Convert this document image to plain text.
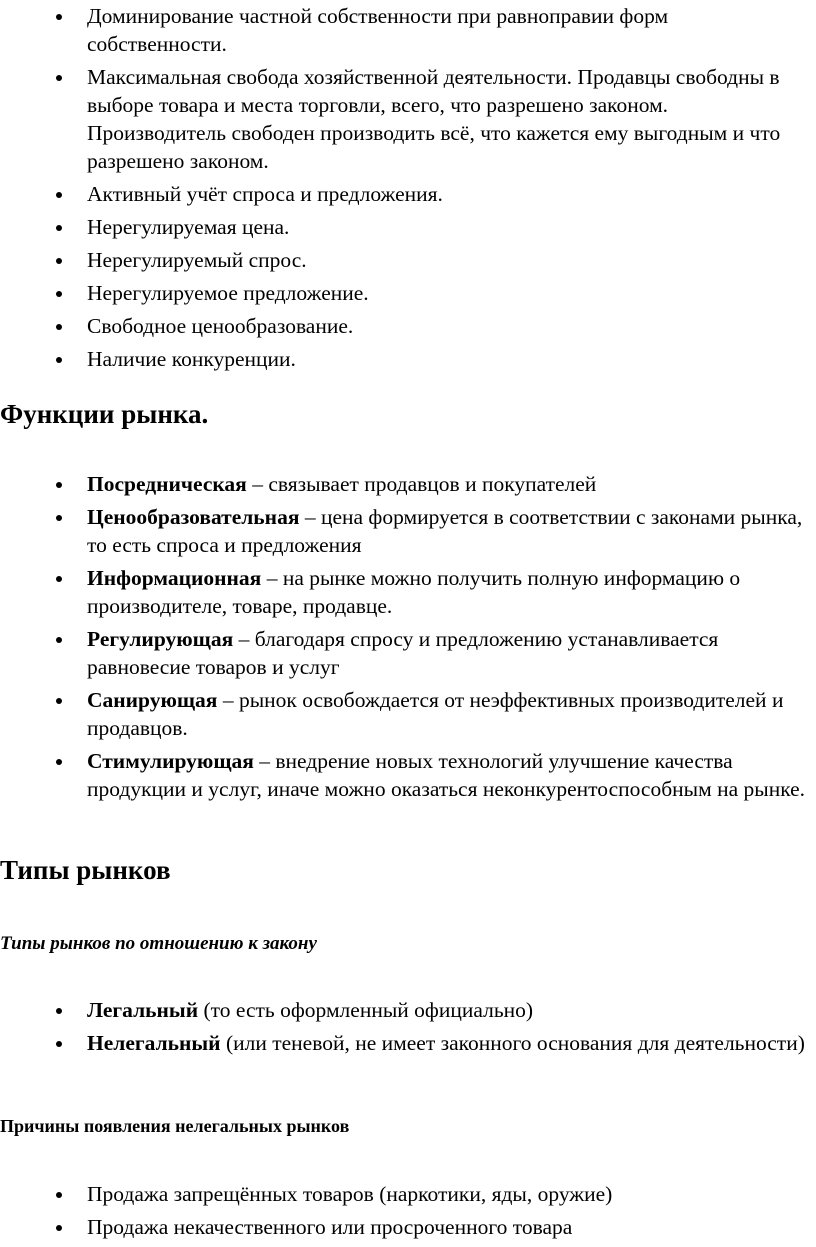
Доминирование частной собственности при равноправии форм собственности.
Максимальная свобода хозяйственной деятельности. Продавцы свободны в выборе товара и места торговли, всего, что разрешено законом. Производитель свободен производить всё, что кажется ему выгодным и что разрешено законом.
Активный учёт спроса и предложения.
Нерегулируемая цена.
Нерегулируемый спрос.
Нерегулируемое предложение.
Свободное ценообразование.
Наличие конкуренции.
Функции рынка.
Посредническая – связывает продавцов и покупателей
Ценообразовательная – цена формируется в соответствии с законами рынка, то есть спроса и предложения
Информационная – на рынке можно получить полную информацию о производителе, товаре, продавце.
Регулирующая – благодаря спросу и предложению устанавливается равновесие товаров и услуг
Санирующая – рынок освобождается от неэффективных производителей и продавцов.
Стимулирующая – внедрение новых технологий улучшение качества продукции и услуг, иначе можно оказаться неконкурентоспособным на рынке.
Типы рынков
Типы рынков по отношению к закону
Легальный (то есть оформленный официально)
Нелегальный (или теневой, не имеет законного основания для деятельности)
Причины появления нелегальных рынков
Продажа запрещённых товаров (наркотики, яды, оружие)
Продажа некачественного или просроченного товара
